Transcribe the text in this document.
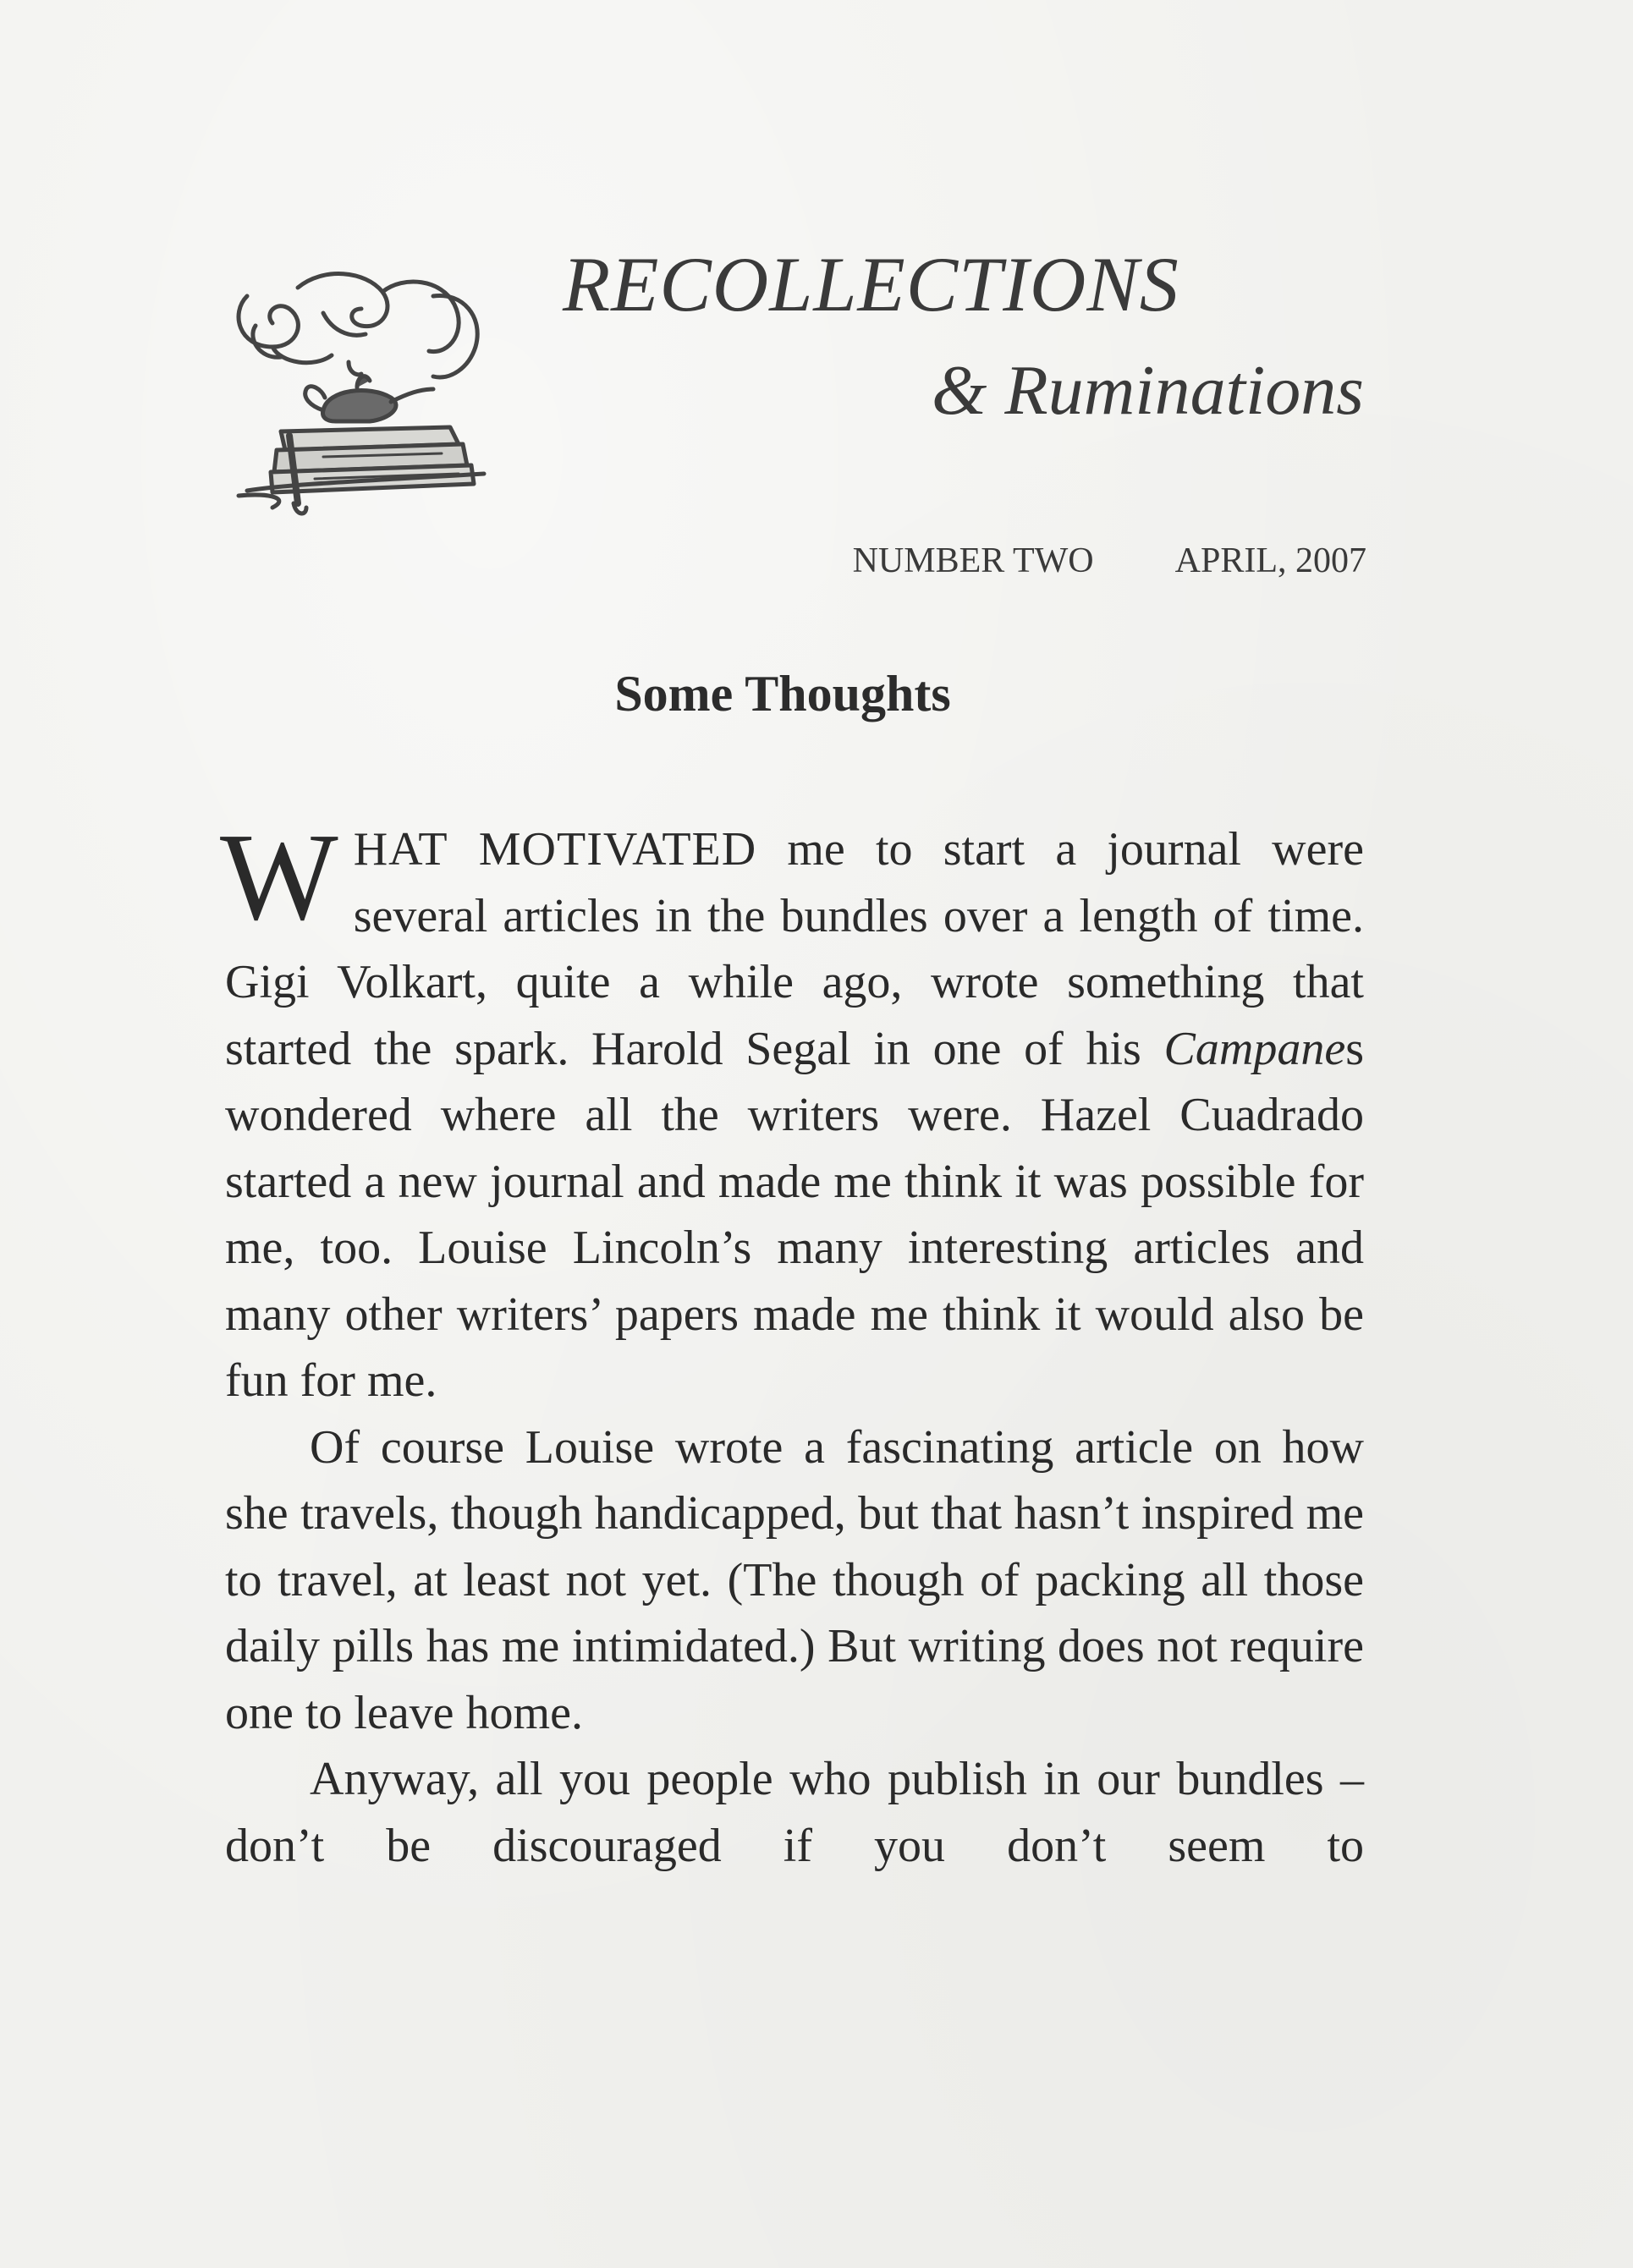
RECOLLECTIONS
& Ruminations
NUMBER TWO APRIL, 2007
Some Thoughts

WHAT MOTIVATED me to start a journal were several articles in the bundles over a length of time. Gigi Volkart, quite a while ago, wrote something that started the spark. Harold Segal in one of his Campanes wondered where all the writers were. Hazel Cuadrado started a new journal and made me think it was possible for me, too. Louise Lincoln’s many interesting articles and many other writers’ papers made me think it would also be fun for me.

Of course Louise wrote a fascinating article on how she travels, though handicapped, but that hasn’t inspired me to travel, at least not yet. (The though of packing all those daily pills has me intimidated.) But writing does not require one to leave home.

Anyway, all you people who publish in our bundles – don’t be discouraged if you don’t seem to
